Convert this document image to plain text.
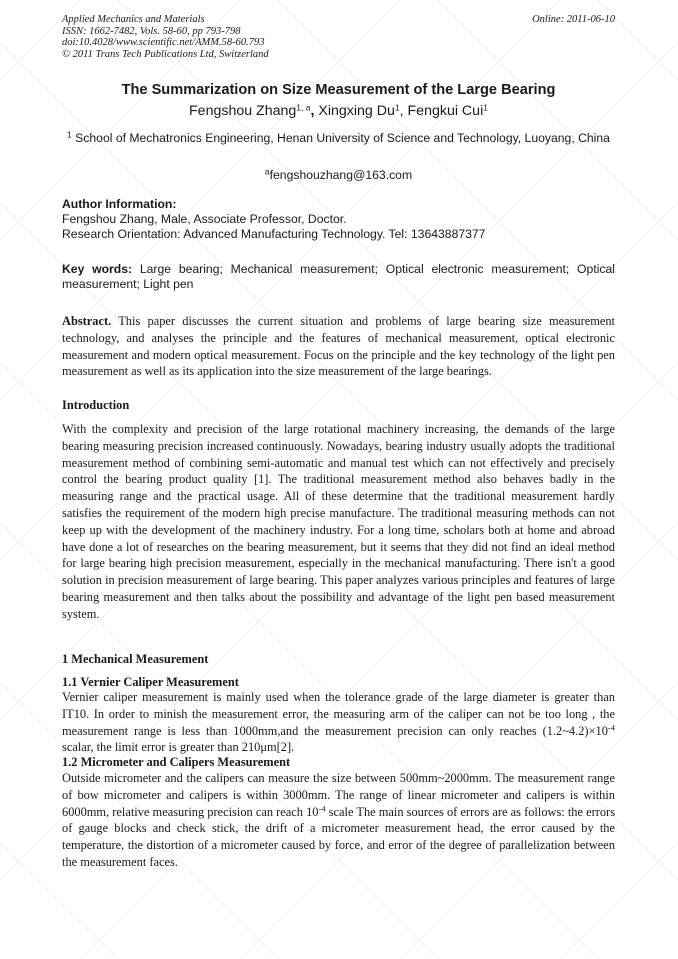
Applied Mechanics and Materials
ISSN: 1662-7482, Vols. 58-60, pp 793-798
doi:10.4028/www.scientific.net/AMM.58-60.793
© 2011 Trans Tech Publications Ltd, Switzerland
Online: 2011-06-10
The Summarization on Size Measurement of the Large Bearing
Fengshou Zhang$^{1, a}$, Xingxing Du$^1$, Fengkui Cui$^1$
$^1$ School of Mechatronics Engineering, Henan University of Science and Technology, Luoyang, China
$^a$fengshouzhang@163.com
Author Information:
Fengshou Zhang, Male, Associate Professor, Doctor.
Research Orientation: Advanced Manufacturing Technology. Tel: 13643887377
Key words: Large bearing; Mechanical measurement; Optical electronic measurement; Optical measurement; Light pen
Abstract. This paper discusses the current situation and problems of large bearing size measurement technology, and analyses the principle and the features of mechanical measurement, optical electronic measurement and modern optical measurement. Focus on the principle and the key technology of the light pen measurement as well as its application into the size measurement of the large bearings.
Introduction
With the complexity and precision of the large rotational machinery increasing, the demands of the large bearing measuring precision increased continuously. Nowadays, bearing industry usually adopts the traditional measurement method of combining semi-automatic and manual test which can not effectively and precisely control the bearing product quality [1]. The traditional measurement method also behaves badly in the measuring range and the practical usage. All of these determine that the traditional measurement hardly satisfies the requirement of the modern high precise manufacture. The traditional measuring methods can not keep up with the development of the machinery industry. For a long time, scholars both at home and abroad have done a lot of researches on the bearing measurement, but it seems that they did not find an ideal method for large bearing high precision measurement, especially in the mechanical manufacturing. There isn't a good solution in precision measurement of large bearing. This paper analyzes various principles and features of large bearing measurement and then talks about the possibility and advantage of the light pen based measurement system.
1 Mechanical Measurement
1.1 Vernier Caliper Measurement
Vernier caliper measurement is mainly used when the tolerance grade of the large diameter is greater than IT10. In order to minish the measurement error, the measuring arm of the caliper can not be too long , the measurement range is less than 1000mm,and the measurement precision can only reaches $(1.2\sim 4.2)\times 10^{-4}$ scalar, the limit error is greater than 210μm[2].
1.2 Micrometer and Calipers Measurement
Outside micrometer and the calipers can measure the size between 500mm~2000mm. The measurement range of bow micrometer and calipers is within 3000mm. The range of linear micrometer and calipers is within 6000mm, relative measuring precision can reach $10^{-4}$ scale The main sources of errors are as follows: the errors of gauge blocks and check stick, the drift of a micrometer measurement head, the error caused by the temperature, the distortion of a micrometer caused by force, and error of the degree of parallelization between the measurement faces.
